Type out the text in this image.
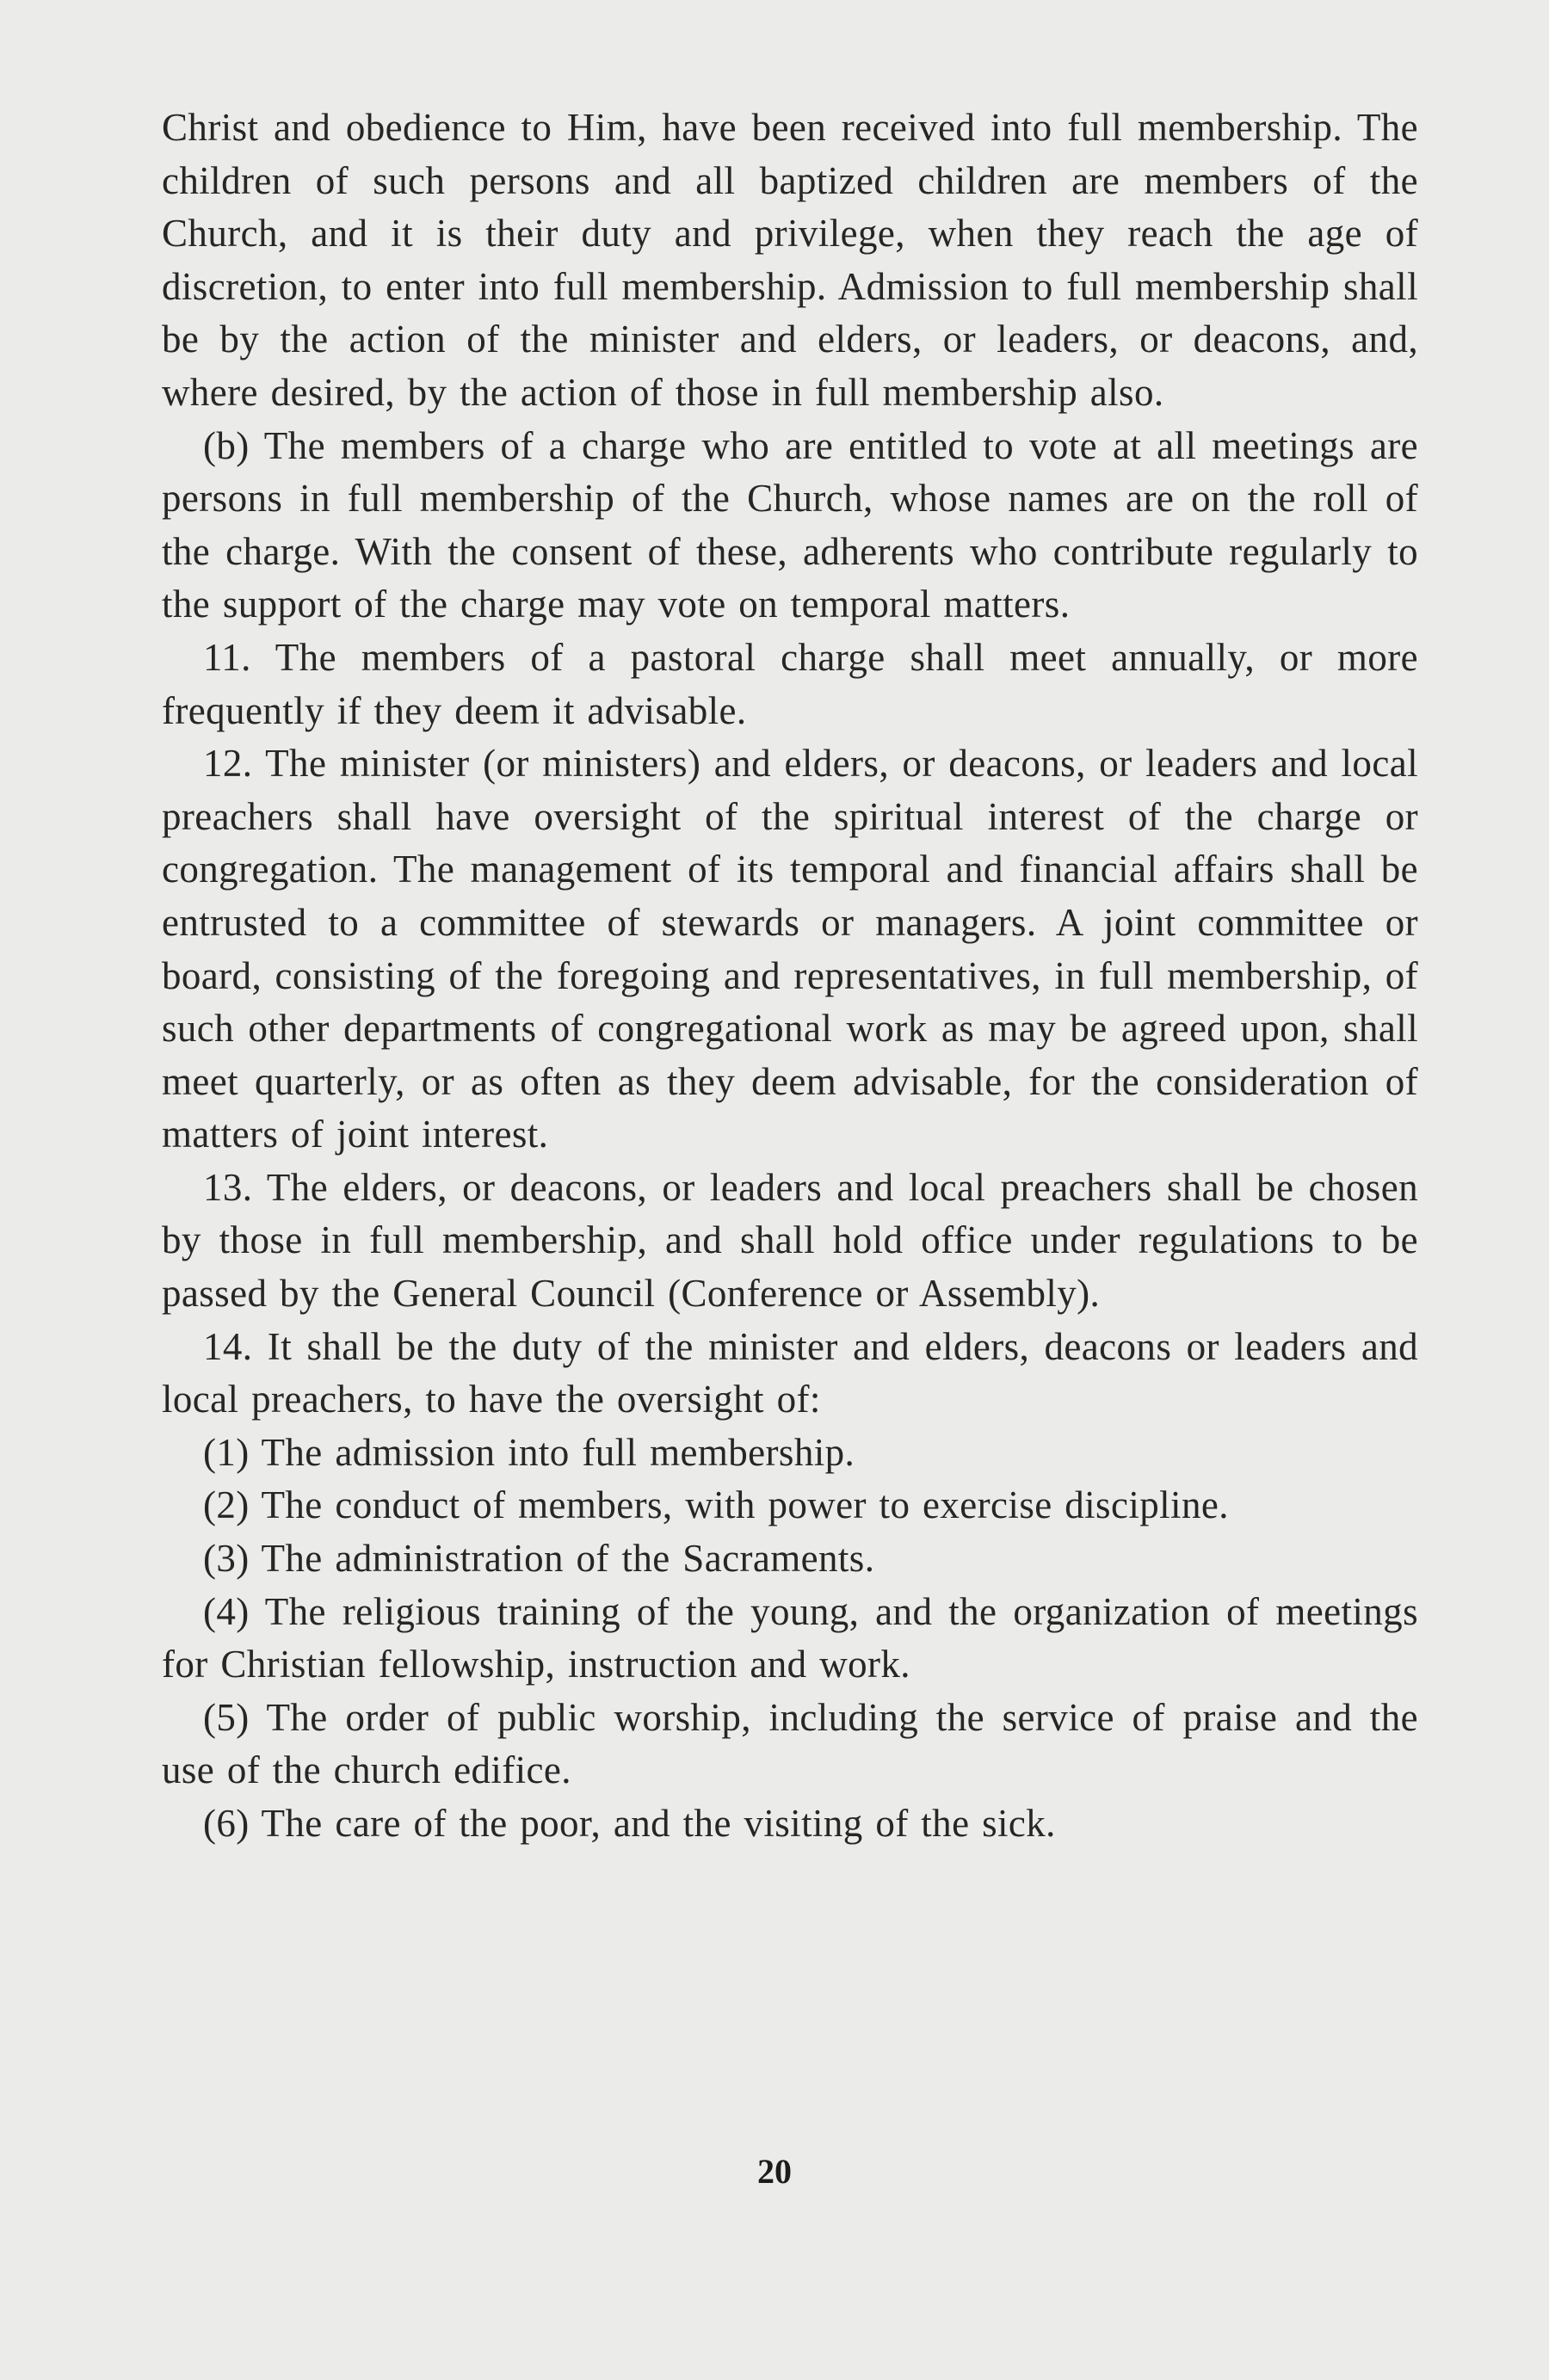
Christ and obedience to Him, have been received into full membership. The children of such persons and all baptized children are members of the Church, and it is their duty and privilege, when they reach the age of discretion, to enter into full membership. Admission to full membership shall be by the action of the minister and elders, or leaders, or deacons, and, where desired, by the action of those in full membership also.

(b) The members of a charge who are entitled to vote at all meetings are persons in full membership of the Church, whose names are on the roll of the charge. With the consent of these, adherents who contribute regularly to the support of the charge may vote on temporal matters.

11. The members of a pastoral charge shall meet annually, or more frequently if they deem it advisable.

12. The minister (or ministers) and elders, or deacons, or leaders and local preachers shall have oversight of the spiritual interest of the charge or congregation. The management of its temporal and financial affairs shall be entrusted to a committee of stewards or managers. A joint committee or board, consisting of the foregoing and representatives, in full membership, of such other departments of congregational work as may be agreed upon, shall meet quarterly, or as often as they deem advisable, for the consideration of matters of joint interest.

13. The elders, or deacons, or leaders and local preachers shall be chosen by those in full membership, and shall hold office under regulations to be passed by the General Council (Conference or Assembly).

14. It shall be the duty of the minister and elders, deacons or leaders and local preachers, to have the oversight of:

(1) The admission into full membership.

(2) The conduct of members, with power to exercise discipline.

(3) The administration of the Sacraments.

(4) The religious training of the young, and the organization of meetings for Christian fellowship, instruction and work.

(5) The order of public worship, including the service of praise and the use of the church edifice.

(6) The care of the poor, and the visiting of the sick.

20
